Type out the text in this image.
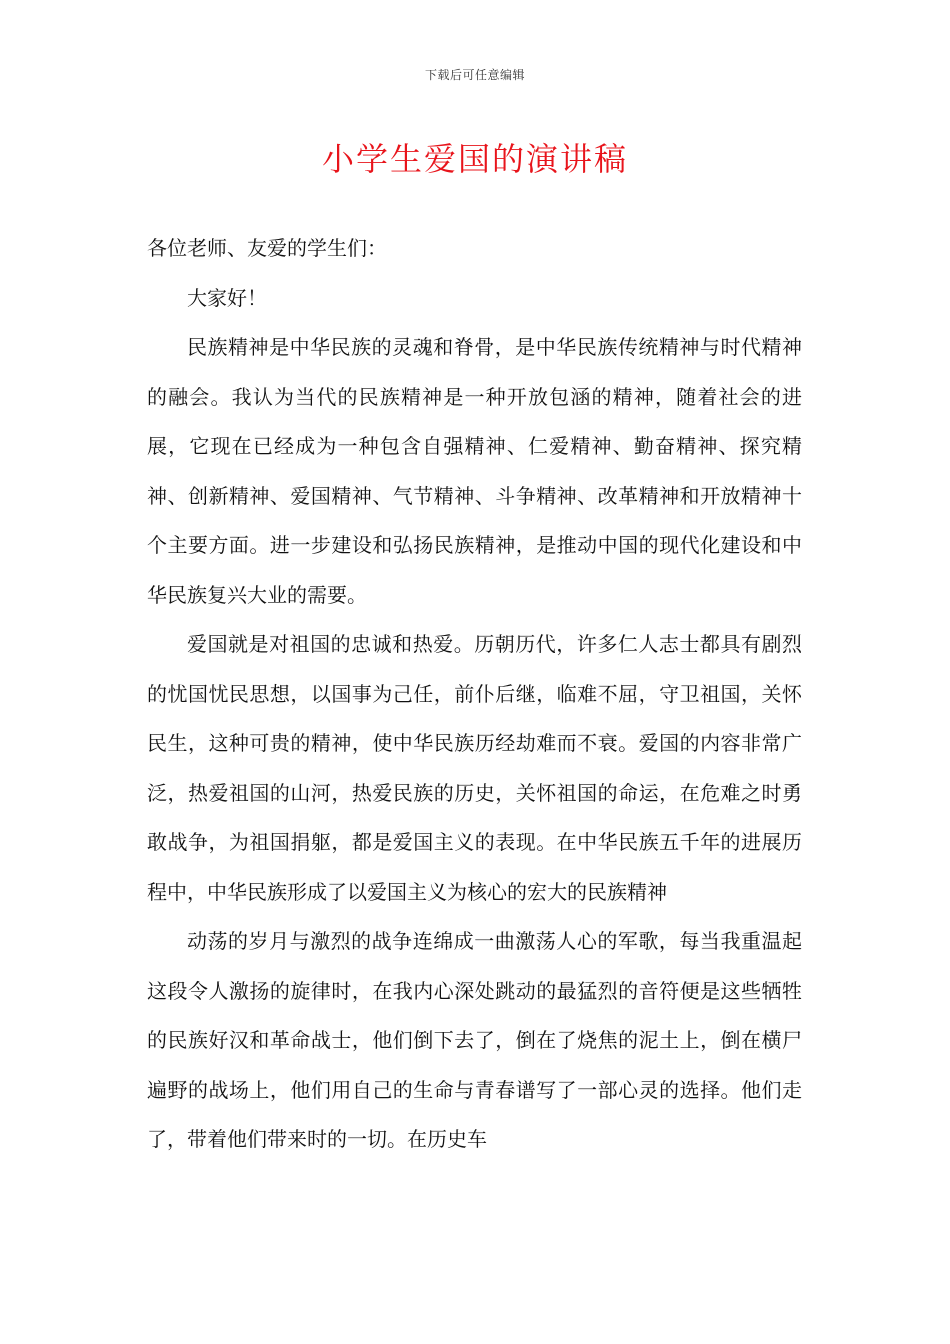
下载后可任意编辑
小学生爱国的演讲稿

各位老师、友爱的学生们：

大家好！

民族精神是中华民族的灵魂和脊骨，是中华民族传统精神与时代精神的融会。我认为当代的民族精神是一种开放包涵的精神，随着社会的进展，它现在已经成为一种包含自强精神、仁爱精神、勤奋精神、探究精神、创新精神、爱国精神、气节精神、斗争精神、改革精神和开放精神十个主要方面。进一步建设和弘扬民族精神，是推动中国的现代化建设和中华民族复兴大业的需要。

爱国就是对祖国的忠诚和热爱。历朝历代，许多仁人志士都具有剧烈的忧国忧民思想，以国事为己任，前仆后继，临难不屈，守卫祖国，关怀民生，这种可贵的精神，使中华民族历经劫难而不衰。爱国的内容非常广泛，热爱祖国的山河，热爱民族的历史，关怀祖国的命运，在危难之时勇敢战争，为祖国捐躯，都是爱国主义的表现。在中华民族五千年的进展历程中，中华民族形成了以爱国主义为核心的宏大的民族精神

动荡的岁月与激烈的战争连绵成一曲激荡人心的军歌，每当我重温起这段令人激扬的旋律时，在我内心深处跳动的最猛烈的音符便是这些牺牲的民族好汉和革命战士，他们倒下去了，倒在了烧焦的泥土上，倒在横尸遍野的战场上，他们用自己的生命与青春谱写了一部心灵的选择。他们走了，带着他们带来时的一切。在历史车
